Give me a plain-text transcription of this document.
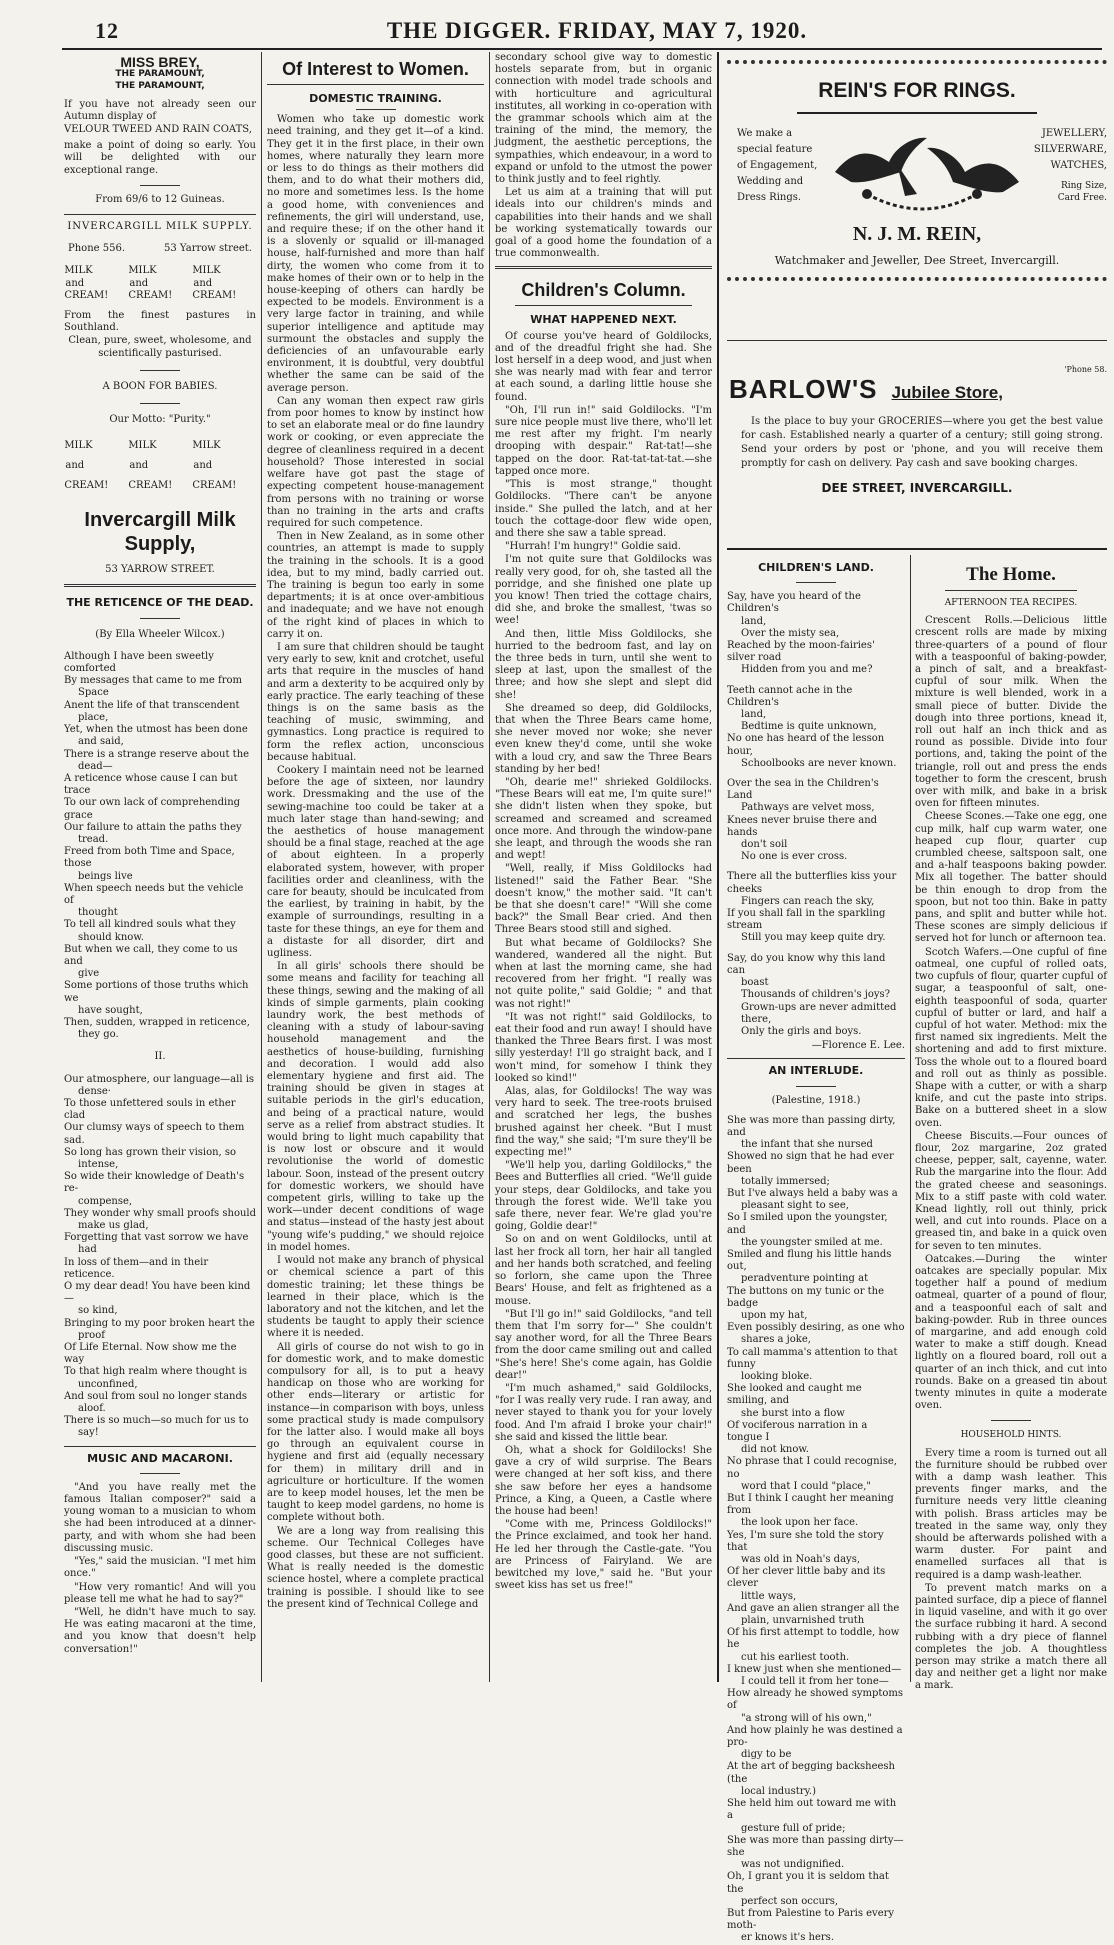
12	THE DIGGER. FRIDAY, MAY 7, 1920.
MISS BREY,
THE PARAMOUNT,
THE PARAMOUNT,

If you have not already seen our Autumn display of

VELOUR TWEED AND RAIN COATS,

make a point of doing so early. You will be delighted with our exceptional range.

From 69/6 to 12 Guineas.

INVERCARGILL MILK SUPPLY.
Phone 556.	53 Yarrow street.
MILK
and
CREAM!
MILK
and
CREAM!
MILK
and
CREAM!

From the finest pastures in Southland.

Clean, pure, sweet, wholesome, and scientifically pasturised.

A BOON FOR BABIES.

Our Motto: "Purity."

MILK
and
CREAM!
MILK
and
CREAM!
MILK
and
CREAM!
Invercargill Milk
Supply,

53 YARROW STREET.

THE RETICENCE OF THE DEAD.

(By Ella Wheeler Wilcox.)

Although I have been sweetly comforted
By messages that came to me from
Space
Anent the life of that transcendent
place,
Yet, when the utmost has been done
and said,
There is a strange reserve about the
dead—
A reticence whose cause I can but trace
To our own lack of comprehending grace
Our failure to attain the paths they
tread.
Freed from both Time and Space, those
beings live
When speech needs but the vehicle of
thought
To tell all kindred souls what they
should know.
But when we call, they come to us and
give
Some portions of those truths which we
have sought,
Then, sudden, wrapped in reticence,
they go.

II.

Our atmosphere, our language—all is
dense·
To those unfettered souls in ether clad
Our clumsy ways of speech to them sad.
So long has grown their vision, so
intense,
So wide their knowledge of Death's re-
compense,
They wonder why small proofs should
make us glad,
Forgetting that vast sorrow we have
had
In loss of them—and in their reticence.
O my dear dead! You have been kind—
so kind,
Bringing to my poor broken heart the
proof
Of Life Eternal. Now show me the way
To that high realm where thought is
unconfined,
And soul from soul no longer stands
aloof.
There is so much—so much for us to
say!
MUSIC AND MACARONI.

"And you have really met the famous Italian composer?" said a young woman to a musician to whom she had been introduced at a dinner-party, and with whom she had been discussing music.

"Yes," said the musician. "I met him once."

"How very romantic! And will you please tell me what he had to say?"

"Well, he didn't have much to say. He was eating macaroni at the time, and you know that doesn't help conversation!"

Of Interest to Women.
DOMESTIC TRAINING.

Women who take up domestic work need training, and they get it—of a kind. They get it in the first place, in their own homes, where naturally they learn more or less to do things as their mothers did them, and to do what their mothers did, no more and sometimes less. Is the home a good home, with conveniences and refinements, the girl will understand, use, and require these; if on the other hand it is a slovenly or squalid or ill-managed house, half-furnished and more than half dirty, the women who come from it to make homes of their own or to help in the house-keeping of others can hardly be expected to be models. Environment is a very large factor in training, and while superior intelligence and aptitude may surmount the obstacles and supply the deficiencies of an unfavourable early environment, it is doubtful, very doubtful whether the same can be said of the average person.

Can any woman then expect raw girls from poor homes to know by instinct how to set an elaborate meal or do fine laundry work or cooking, or even appreciate the degree of cleanliness required in a decent household? Those interested in social welfare have got past the stage of expecting competent house-management from persons with no training or worse than no training in the arts and crafts required for such competence.

Then in New Zealand, as in some other countries, an attempt is made to supply the training in the schools. It is a good idea, but to my mind, badly carried out. The training is begun too early in some departments; it is at once over-ambitious and inadequate; and we have not enough of the right kind of places in which to carry it on.

I am sure that children should be taught very early to sew, knit and crotchet, useful arts that require in the muscles of hand and arm a dexterity to be acquired only by early practice. The early teaching of these things is on the same basis as the teaching of music, swimming, and gymnastics. Long practice is required to form the reflex action, unconscious because habitual.

Cookery I maintain need not be learned before the age of sixteen, nor laundry work. Dressmaking and the use of the sewing-machine too could be taker at a much later stage than hand-sewing; and the aesthetics of house management should be a final stage, reached at the age of about eighteen. In a properly elaborated system, however, with proper facilities order and cleanliness, with the care for beauty, should be inculcated from the earliest, by training in habit, by the example of surroundings, resulting in a taste for these things, an eye for them and a distaste for all disorder, dirt and ugliness.

In all girls' schools there should be some means and facility for teaching all these things, sewing and the making of all kinds of simple garments, plain cooking laundry work, the best methods of cleaning with a study of labour-saving household management and the aesthetics of house-building, furnishing and decoration. I would add also elementary hygiene and first aid. The training should be given in stages at suitable periods in the girl's education, and being of a practical nature, would serve as a relief from abstract studies. It would bring to light much capability that is now lost or obscure and it would revolutionise the world of domestic labour. Soon, instead of the present outcry for domestic workers, we should have competent girls, willing to take up the work—under decent conditions of wage and status—instead of the hasty jest about "young wife's pudding," we should rejoice in model homes.

I would not make any branch of physical or chemical science a part of this domestic training; let these things be learned in their place, which is the laboratory and not the kitchen, and let the students be taught to apply their science where it is needed.

All girls of course do not wish to go in for domestic work, and to make domestic compulsory for all, is to put a heavy handicap on those who are working for other ends—literary or artistic for instance—in comparison with boys, unless some practical study is made compulsory for the latter also. I would make all boys go through an equivalent course in hygiene and first aid (equally necessary for them) in military drill and in agriculture or horticulture. If the women are to keep model houses, let the men be taught to keep model gardens, no home is complete without both.

We are a long way from realising this scheme. Our Technical Colleges have good classes, but these are not sufficient. What is really needed is the domestic science hostel, where a complete practical training is possible. I should like to see the present kind of Technical College and

secondary school give way to domestic hostels separate from, but in organic connection with model trade schools and with horticulture and agricultural institutes, all working in co-operation with the grammar schools which aim at the training of the mind, the memory, the judgment, the aesthetic perceptions, the sympathies, which endeavour, in a word to expand or unfold to the utmost the power to think justly and to feel rightly.

Let us aim at a training that will put ideals into our children's minds and capabilities into their hands and we shall be working systematically towards our goal of a good home the foundation of a true commonwealth.

Children's Column.
WHAT HAPPENED NEXT.

Of course you've heard of Goldilocks, and of the dreadful fright she had. She lost herself in a deep wood, and just when she was nearly mad with fear and terror at each sound, a darling little house she found.

"Oh, I'll run in!" said Goldilocks. "I'm sure nice people must live there, who'll let me rest after my fright. I'm nearly drooping with despair." Rat-tat!—she tapped on the door. Rat-tat-tat-tat.—she tapped once more.

"This is most strange," thought Goldilocks. "There can't be anyone inside." She pulled the latch, and at her touch the cottage-door flew wide open, and there she saw a table spread.

"Hurrah! I'm hungry!" Goldie said.

I'm not quite sure that Goldilocks was really very good, for oh, she tasted all the porridge, and she finished one plate up you know! Then tried the cottage chairs, did she, and broke the smallest, 'twas so wee!

And then, little Miss Goldilocks, she hurried to the bedroom fast, and lay on the three beds in turn, until she went to sleep at last, upon the smallest of the three; and how she slept and slept did she!

She dreamed so deep, did Goldilocks, that when the Three Bears came home, she never moved nor woke; she never even knew they'd come, until she woke with a loud cry, and saw the Three Bears standing by her bed!

"Oh, dearie me!" shrieked Goldilocks. "These Bears will eat me, I'm quite sure!" she didn't listen when they spoke, but screamed and screamed and screamed once more. And through the window-pane she leapt, and through the woods she ran and wept!

"Well, really, if Miss Goldilocks had listened!" said the Father Bear. "She doesn't know," the mother said. "It can't be that she doesn't care!" "Will she come back?" the Small Bear cried. And then Three Bears stood still and sighed.

But what became of Goldilocks? She wandered, wandered all the night. But when at last the morning came, she had recovered from her fright. "I really was not quite polite," said Goldie; " and that was not right!"

"It was not right!" said Goldilocks, to eat their food and run away! I should have thanked the Three Bears first. I was most silly yesterday! I'll go straight back, and I won't mind, for somehow I think they looked so kind!"

Alas, alas, for Goldilocks! The way was very hard to seek. The tree-roots bruised and scratched her legs, the bushes brushed against her cheek. "But I must find the way," she said; "I'm sure they'll be expecting me!"

"We'll help you, darling Goldilocks," the Bees and Butterflies all cried. "We'll guide your steps, dear Goldilocks, and take you through the forest wide. We'll take you safe there, never fear. We're glad you're going, Goldie dear!"

So on and on went Goldilocks, until at last her frock all torn, her hair all tangled and her hands both scratched, and feeling so forlorn, she came upon the Three Bears' House, and felt as frightened as a mouse.

"But I'll go in!" said Goldilocks, "and tell them that I'm sorry for—" She couldn't say another word, for all the Three Bears from the door came smiling out and called "She's here! She's come again, has Goldie dear!"

"I'm much ashamed," said Goldilocks, "for I was really very rude. I ran away, and never stayed to thank you for your lovely food. And I'm afraid I broke your chair!" she said and kissed the little bear.

Oh, what a shock for Goldilocks! She gave a cry of wild surprise. The Bears were changed at her soft kiss, and there she saw before her eyes a handsome Prince, a King, a Queen, a Castle where the house had been!

"Come with me, Princess Goldilocks!" the Prince exclaimed, and took her hand. He led her through the Castle-gate. "You are Princess of Fairyland. We are bewitched my love," said he. "But your sweet kiss has set us free!"

REIN'S FOR RINGS.
We make a
special feature
of Engagement,
Wedding and
Dress Rings.
JEWELLERY,
SILVERWARE,
WATCHES,
Ring Size,
Card Free.
N. J. M. REIN,
Watchmaker and Jeweller, Dee Street, Invercargill.
'Phone 58.
BARLOW'S Jubilee Store,

Is the place to buy your GROCERIES—where you get the best value for cash. Established nearly a quarter of a century; still going strong. Send your orders by post or 'phone, and you will receive them promptly for cash on delivery. Pay cash and save booking charges.

DEE STREET, INVERCARGILL.
CHILDREN'S LAND.
Say, have you heard of the Children's
land,
Over the misty sea,
Reached by the moon-fairies' silver road
Hidden from you and me?
Teeth cannot ache in the Children's
land,
Bedtime is quite unknown,
No one has heard of the lesson hour,
Schoolbooks are never known.
Over the sea in the Children's Land
Pathways are velvet moss,
Knees never bruise there and hands
don't soil
No one is ever cross.
There all the butterflies kiss your cheeks
Fingers can reach the sky,
If you shall fall in the sparkling stream
Still you may keep quite dry.
Say, do you know why this land can
boast
Thousands of children's joys?
Grown-ups are never admitted there,
Only the girls and boys.
—Florence E. Lee.
AN INTERLUDE.

(Palestine, 1918.)

She was more than passing dirty, and
the infant that she nursed
Showed no sign that he had ever been
totally immersed;
But I've always held a baby was a
pleasant sight to see,
So I smiled upon the youngster, and
the youngster smiled at me.
Smiled and flung his little hands out,
peradventure pointing at
The buttons on my tunic or the badge
upon my hat,
Even possibly desiring, as one who
shares a joke,
To call mamma's attention to that funny
looking bloke.
She looked and caught me smiling, and
she burst into a flow
Of vociferous narration in a tongue I
did not know.
No phrase that I could recognise, no
word that I could "place,"
But I think I caught her meaning from
the look upon her face.
Yes, I'm sure she told the story that
was old in Noah's days,
Of her clever little baby and its clever
little ways,
And gave an alien stranger all the
plain, unvarnished truth
Of his first attempt to toddle, how he
cut his earliest tooth.
I knew just when she mentioned—
I could tell it from her tone—
How already he showed symptoms of
"a strong will of his own,"
And how plainly he was destined a pro-
digy to be
At the art of begging backsheesh (the
local industry.)
She held him out toward me with a
gesture full of pride;
She was more than passing dirty—she
was not undignified.
Oh, I grant you it is seldom that the
perfect son occurs,
But from Palestine to Paris every moth-
er knows it's hers.
The Home.

AFTERNOON TEA RECIPES.

Crescent Rolls.—Delicious little crescent rolls are made by mixing three-quarters of a pound of flour with a teaspoonful of baking-powder, a pinch of salt, and a breakfast-cupful of sour milk. When the mixture is well blended, work in a small piece of butter. Divide the dough into three portions, knead it, roll out half an inch thick and as round as possible. Divide into four portions, and, taking the point of the triangle, roll out and press the ends together to form the crescent, brush over with milk, and bake in a brisk oven for fifteen minutes.

Cheese Scones.—Take one egg, one cup milk, half cup warm water, one heaped cup flour, quarter cup crumbled cheese, saltspoon salt, one and a-half teaspoons baking powder. Mix all together. The batter should be thin enough to drop from the spoon, but not too thin. Bake in patty pans, and split and butter while hot. These scones are simply delicious if served hot for lunch or afternoon tea.

Scotch Wafers.—One cupful of fine oatmeal, one cupful of rolled oats, two cupfuls of flour, quarter cupful of sugar, a teaspoonful of salt, one-eighth teaspoonful of soda, quarter cupful of butter or lard, and half a cupful of hot water. Method: mix the first named six ingredients. Melt the shortening and add to first mixture. Toss the whole out to a floured board and roll out as thinly as possible. Shape with a cutter, or with a sharp knife, and cut the paste into strips. Bake on a buttered sheet in a slow oven.

Cheese Biscuits.—Four ounces of flour, 2oz margarine, 2oz grated cheese, pepper, salt, cayenne, water. Rub the margarine into the flour. Add the grated cheese and seasonings. Mix to a stiff paste with cold water. Knead lightly, roll out thinly, prick well, and cut into rounds. Place on a greased tin, and bake in a quick oven for seven to ten minutes.

Oatcakes.—During the winter oatcakes are specially popular. Mix together half a pound of medium oatmeal, quarter of a pound of flour, and a teaspoonful each of salt and baking-powder. Rub in three ounces of margarine, and add enough cold water to make a stiff dough. Knead lightly on a floured board, roll out a quarter of an inch thick, and cut into rounds. Bake on a greased tin about twenty minutes in quite a moderate oven.

HOUSEHOLD HINTS.

Every time a room is turned out all the furniture should be rubbed over with a damp wash leather. This prevents finger marks, and the furniture needs very little cleaning with polish. Brass articles may be treated in the same way, only they should be afterwards polished with a warm duster. For paint and enamelled surfaces all that is required is a damp wash-leather.

To prevent match marks on a painted surface, dip a piece of flannel in liquid vaseline, and with it go over the surface rubbing it hard. A second rubbing with a dry piece of flannel completes the job. A thoughtless person may strike a match there all day and neither get a light nor make a mark.
